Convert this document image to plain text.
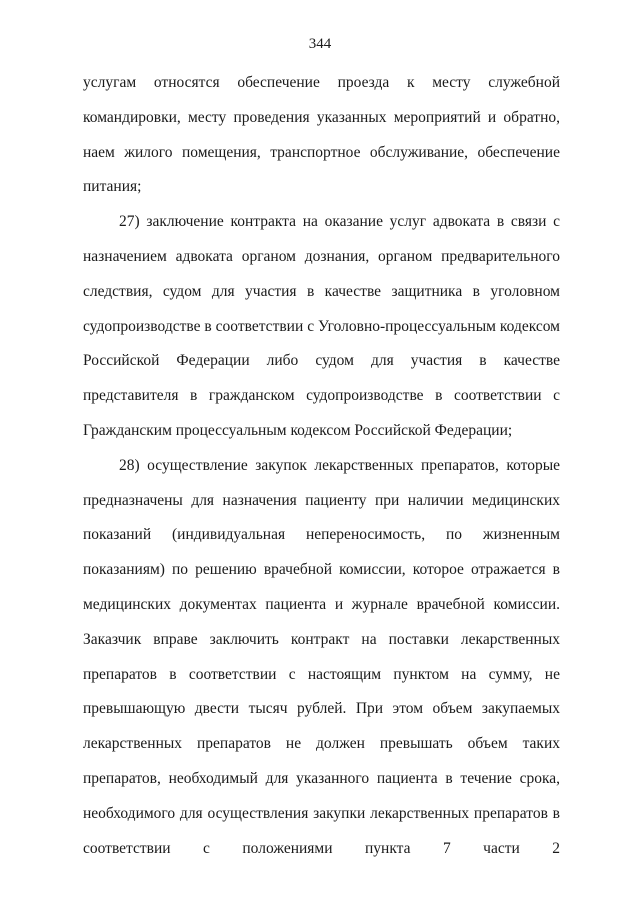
344

услугам относятся обеспечение проезда к месту служебной командировки, месту проведения указанных мероприятий и обратно, наем жилого помещения, транспортное обслуживание, обеспечение питания;

27) заключение контракта на оказание услуг адвоката в связи с назначением адвоката органом дознания, органом предварительного следствия, судом для участия в качестве защитника в уголовном судопроизводстве в соответствии с Уголовно-процессуальным кодексом Российской Федерации либо судом для участия в качестве представителя в гражданском судопроизводстве в соответствии с Гражданским процессуальным кодексом Российской Федерации;

28) осуществление закупок лекарственных препаратов, которые предназначены для назначения пациенту при наличии медицинских показаний (индивидуальная непереносимость, по жизненным показаниям) по решению врачебной комиссии, которое отражается в медицинских документах пациента и журнале врачебной комиссии. Заказчик вправе заключить контракт на поставки лекарственных препаратов в соответствии с настоящим пунктом на сумму, не превышающую двести тысяч рублей. При этом объем закупаемых лекарственных препаратов не должен превышать объем таких препаратов, необходимый для указанного пациента в течение срока, необходимого для осуществления закупки лекарственных препаратов в соответствии с положениями пункта 7 части 2
